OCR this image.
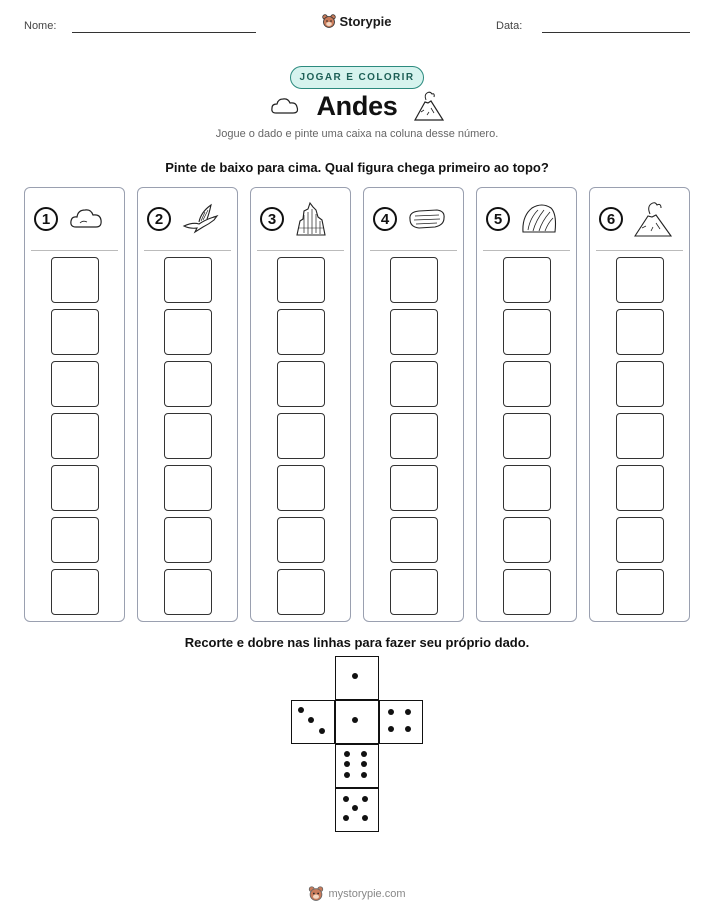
Nome:	Storypie	Data:
JOGAR E COLORIR
Andes
Jogue o dado e pinte uma caixa na coluna desse número.
Pinte de baixo para cima. Qual figura chega primeiro ao topo?
1	2	3	4	5	6
Recorte e dobre nas linhas para fazer seu próprio dado.
mystorypie.com
